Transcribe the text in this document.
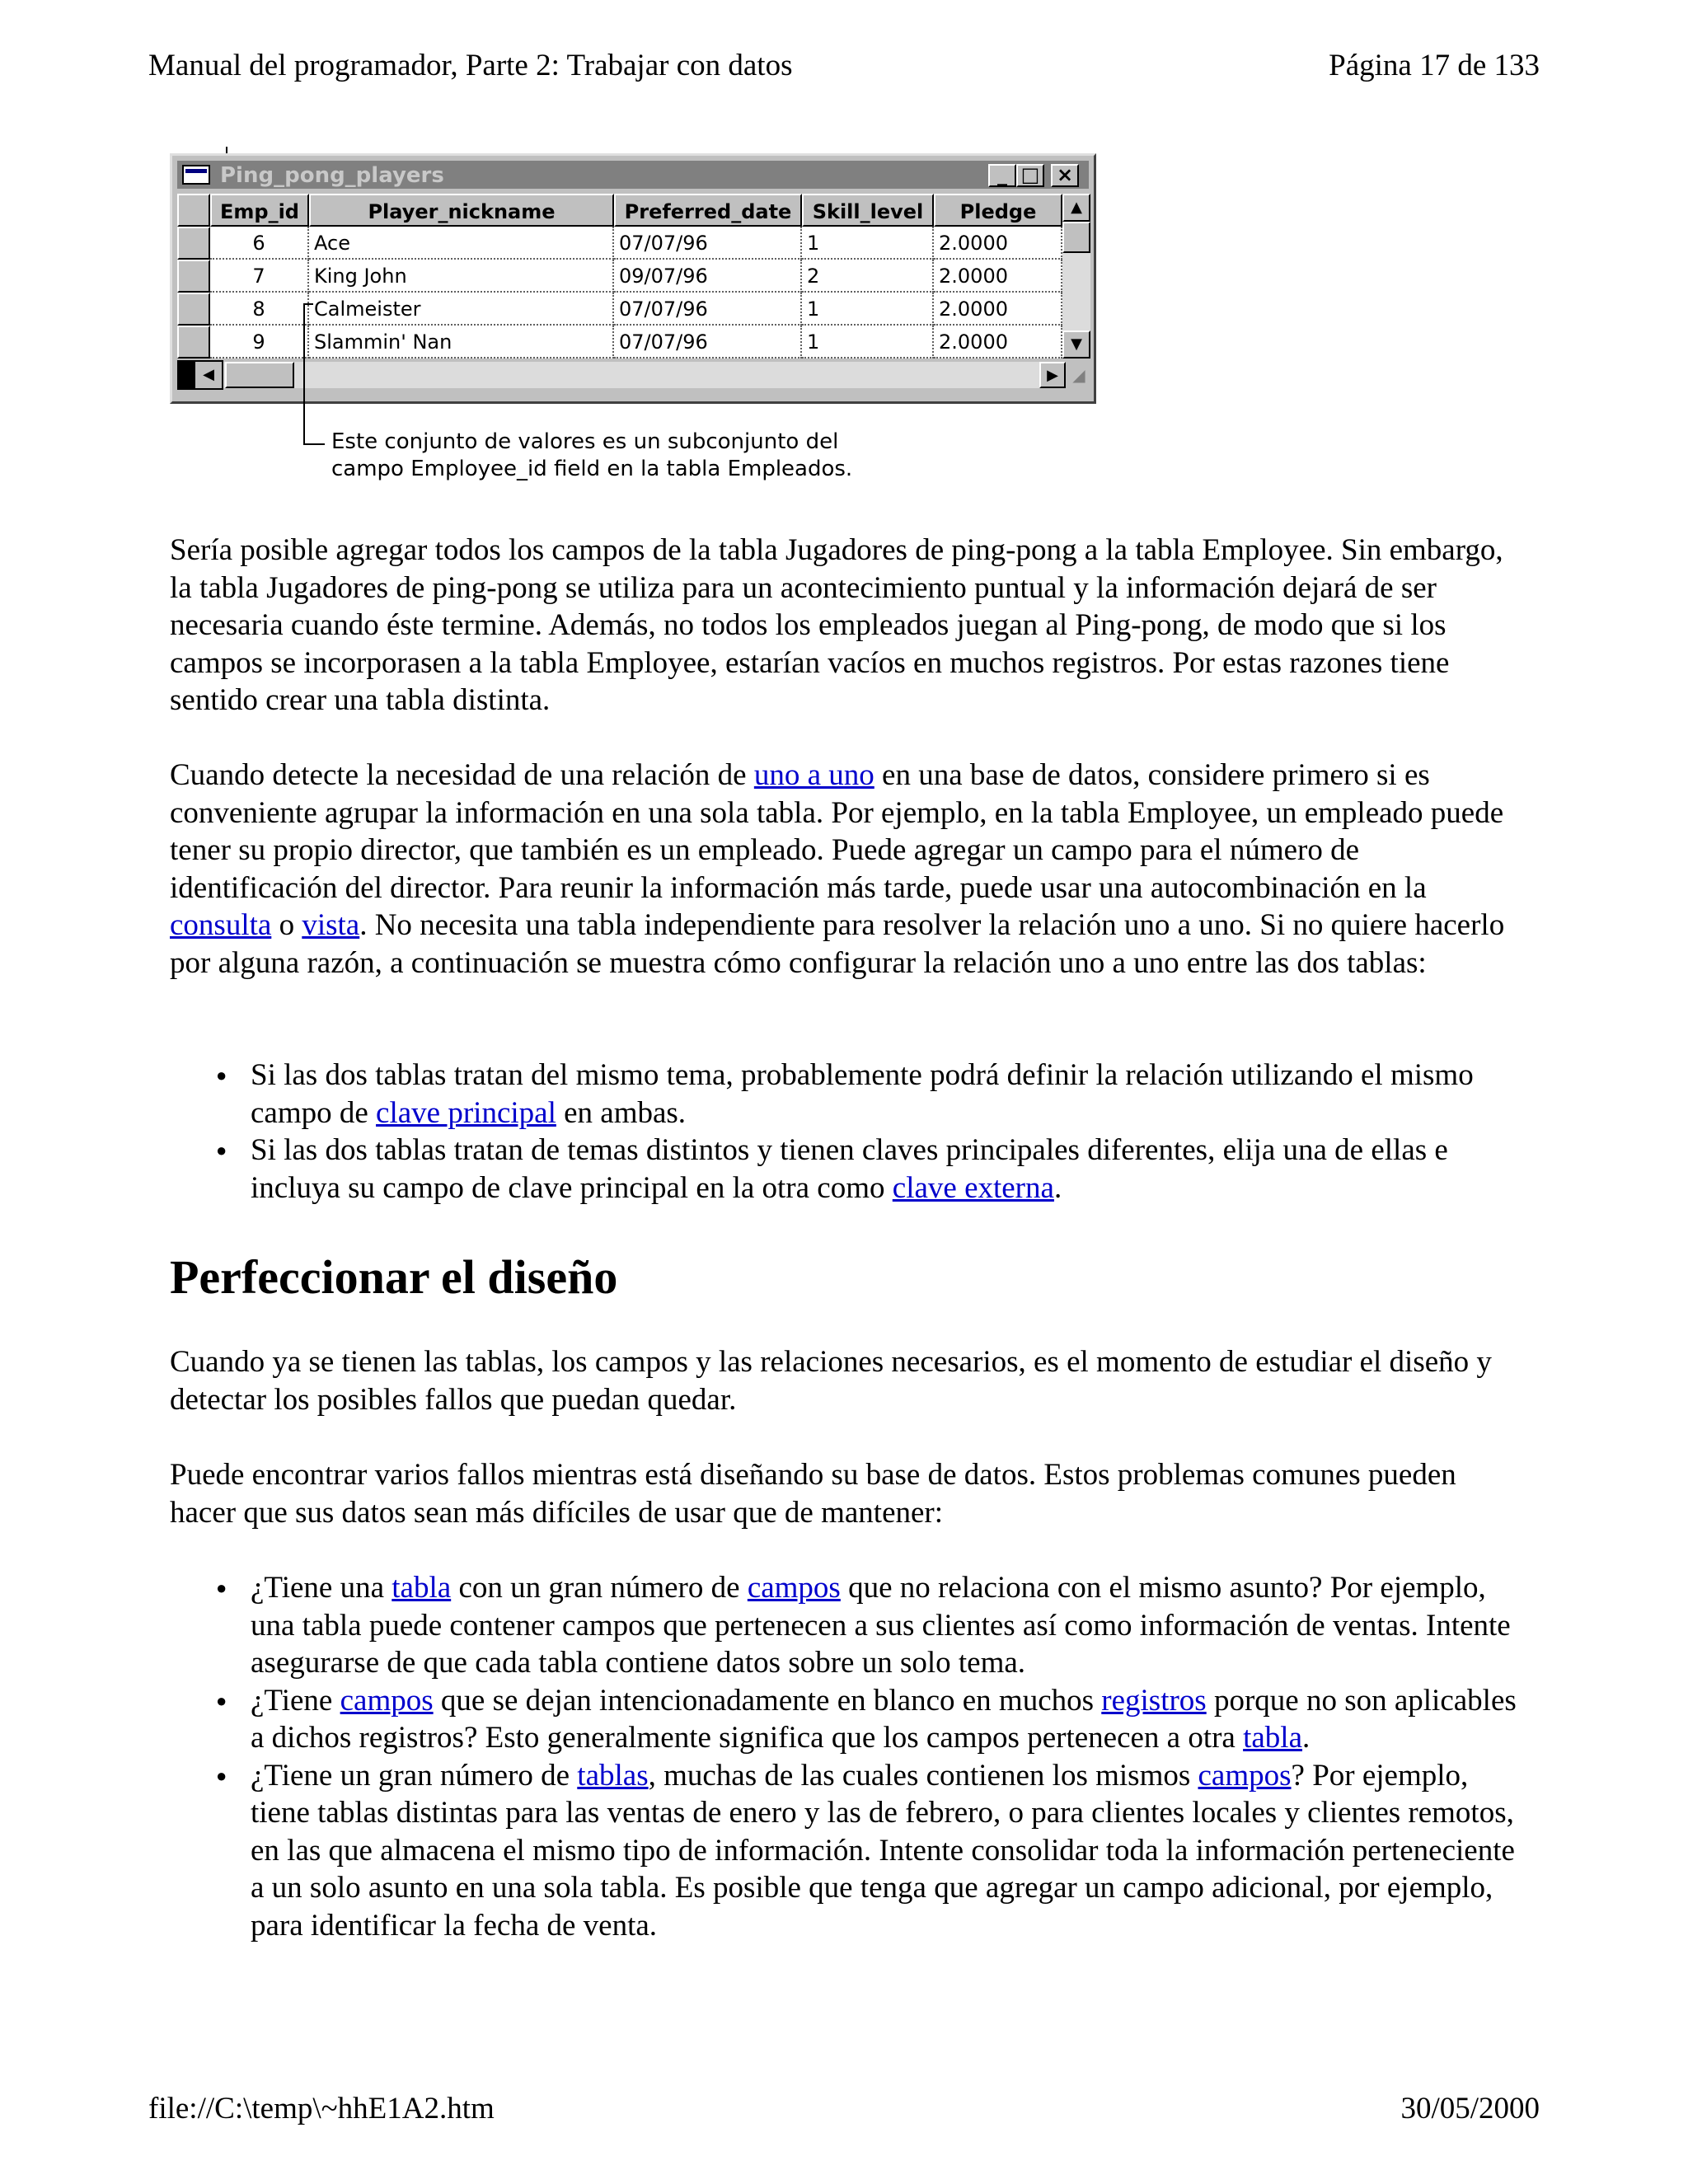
Manual del programador, Parte 2: Trabajar con datos	Página 17 de 133
Ping_pong_players	_ □ ×
Emp_id	Player_nickname	Preferred_date	Skill_level	Pledge
6	Ace	07/07/96	1	2.0000
7	King John	09/07/96	2	2.0000
8	Calmeister	07/07/96	1	2.0000
9	Slammin' Nan	07/07/96	1	2.0000
▲
▼
◀	▶ ◢
Este conjunto de valores es un subconjunto del
campo Employee_id field en la tabla Empleados.

Sería posible agregar todos los campos de la tabla Jugadores de ping-pong a la tabla Employee. Sin embargo, la tabla Jugadores de ping-pong se utiliza para un acontecimiento puntual y la información dejará de ser necesaria cuando éste termine. Además, no todos los empleados juegan al Ping-pong, de modo que si los campos se incorporasen a la tabla Employee, estarían vacíos en muchos registros. Por estas razones tiene sentido crear una tabla distinta.

Cuando detecte la necesidad de una relación de uno a uno en una base de datos, considere primero si es conveniente agrupar la información en una sola tabla. Por ejemplo, en la tabla Employee, un empleado puede tener su propio director, que también es un empleado. Puede agregar un campo para el número de identificación del director. Para reunir la información más tarde, puede usar una autocombinación en la consulta o vista. No necesita una tabla independiente para resolver la relación uno a uno. Si no quiere hacerlo por alguna razón, a continuación se muestra cómo configurar la relación uno a uno entre las dos tablas:

● Si las dos tablas tratan del mismo tema, probablemente podrá definir la relación utilizando el mismo campo de clave principal en ambas.
● Si las dos tablas tratan de temas distintos y tienen claves principales diferentes, elija una de ellas e incluya su campo de clave principal en la otra como clave externa.
Perfeccionar el diseño

Cuando ya se tienen las tablas, los campos y las relaciones necesarios, es el momento de estudiar el diseño y detectar los posibles fallos que puedan quedar.

Puede encontrar varios fallos mientras está diseñando su base de datos. Estos problemas comunes pueden hacer que sus datos sean más difíciles de usar que de mantener:

● ¿Tiene una tabla con un gran número de campos que no relaciona con el mismo asunto? Por ejemplo, una tabla puede contener campos que pertenecen a sus clientes así como información de ventas. Intente asegurarse de que cada tabla contiene datos sobre un solo tema.
● ¿Tiene campos que se dejan intencionadamente en blanco en muchos registros porque no son aplicables a dichos registros? Esto generalmente significa que los campos pertenecen a otra tabla.
● ¿Tiene un gran número de tablas, muchas de las cuales contienen los mismos campos? Por ejemplo, tiene tablas distintas para las ventas de enero y las de febrero, o para clientes locales y clientes remotos, en las que almacena el mismo tipo de información. Intente consolidar toda la información perteneciente a un solo asunto en una sola tabla. Es posible que tenga que agregar un campo adicional, por ejemplo, para identificar la fecha de venta.
file://C:\temp\~hhE1A2.htm	30/05/2000
